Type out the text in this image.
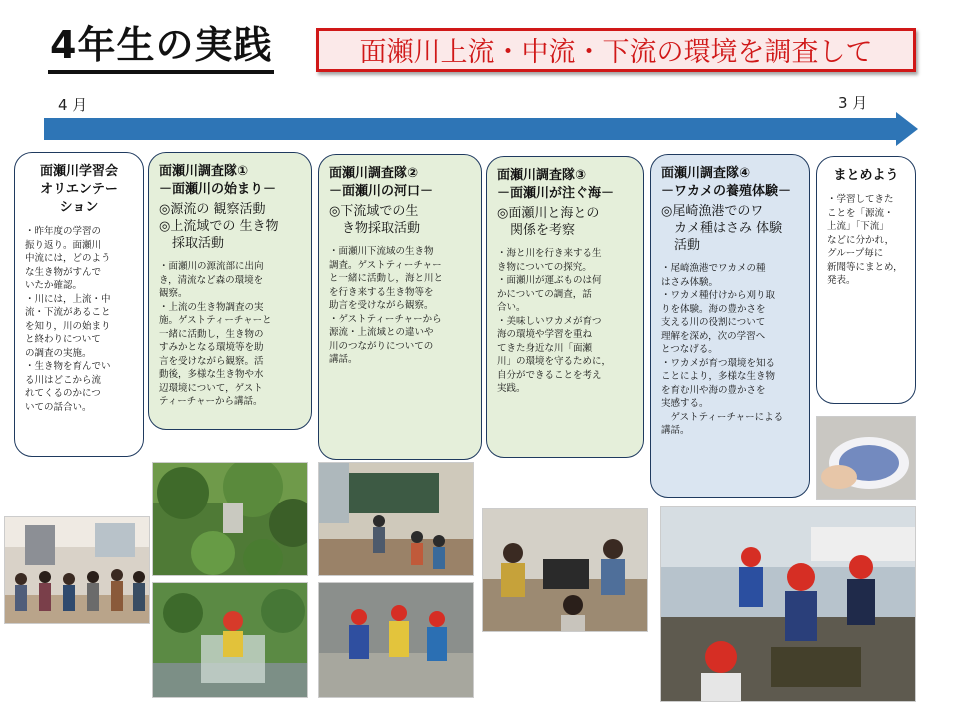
4年生の実践	面瀬川上流・中流・下流の環境を調査して
4 月	3 月
面瀬川学習会
オリエンテー
ション
・昨年度の学習の
振り返り。面瀬川
中流には，どのよう
な生き物がすんで
いたか確認。
・川には，上流・中
流・下流があること
を知り，川の始まり
と終わりについて
の調査の実施。
・生き物を育んでい
る川はどこから流
れてくるのかにつ
いての話合い。
面瀬川調査隊①
－面瀬川の始まり－
◎源流の 観察活動
◎上流域での 生き物
　採取活動
・面瀬川の源流部に出向
き，清流など森の環境を
観察。
・上流の生き物調査の実
施。ゲストティーチャーと
一緒に活動し，生き物の
すみかとなる環境等を助
言を受けながら観察。活
動後，多様な生き物や水
辺環境について，ゲスト
ティーチャーから講話。
面瀬川調査隊②
－面瀬川の河口－
◎下流域での生
　き物採取活動
・面瀬川下流域の生き物
調査。ゲストティーチャー
と一緒に活動し，海と川と
を行き来する生き物等を
助言を受けながら観察。
・ゲストティーチャーから
源流・上流域との違いや
川のつながりについての
講話。
面瀬川調査隊③
－面瀬川が注ぐ海－
◎面瀬川と海との
　関係を考察
・海と川を行き来する生
き物についての探究。
・面瀬川が運ぶものは何
かについての調査，話
合い。
・美味しいワカメが育つ
海の環境や学習を重ね
てきた身近な川「面瀬
川」の環境を守るために，
自分ができることを考え
実践。
面瀬川調査隊④
－ワカメの養殖体験－
◎尾崎漁港でのワ
　カメ種はさみ 体験
　活動
・尾崎漁港でワカメの種
はさみ体験。
・ワカメ種付けから刈り取
りを体験。海の豊かさを
支える川の役割について
理解を深め，次の学習へ
とつなげる。
・ワカメが育つ環境を知る
ことにより，多様な生き物
を育む川や海の豊かさを
実感する。
　ゲストティーチャーによる
講話。
まとめよう
・学習してきた
ことを「源流・
上流」「下流」
などに分かれ，
グループ毎に
新聞等にまとめ，発表。
